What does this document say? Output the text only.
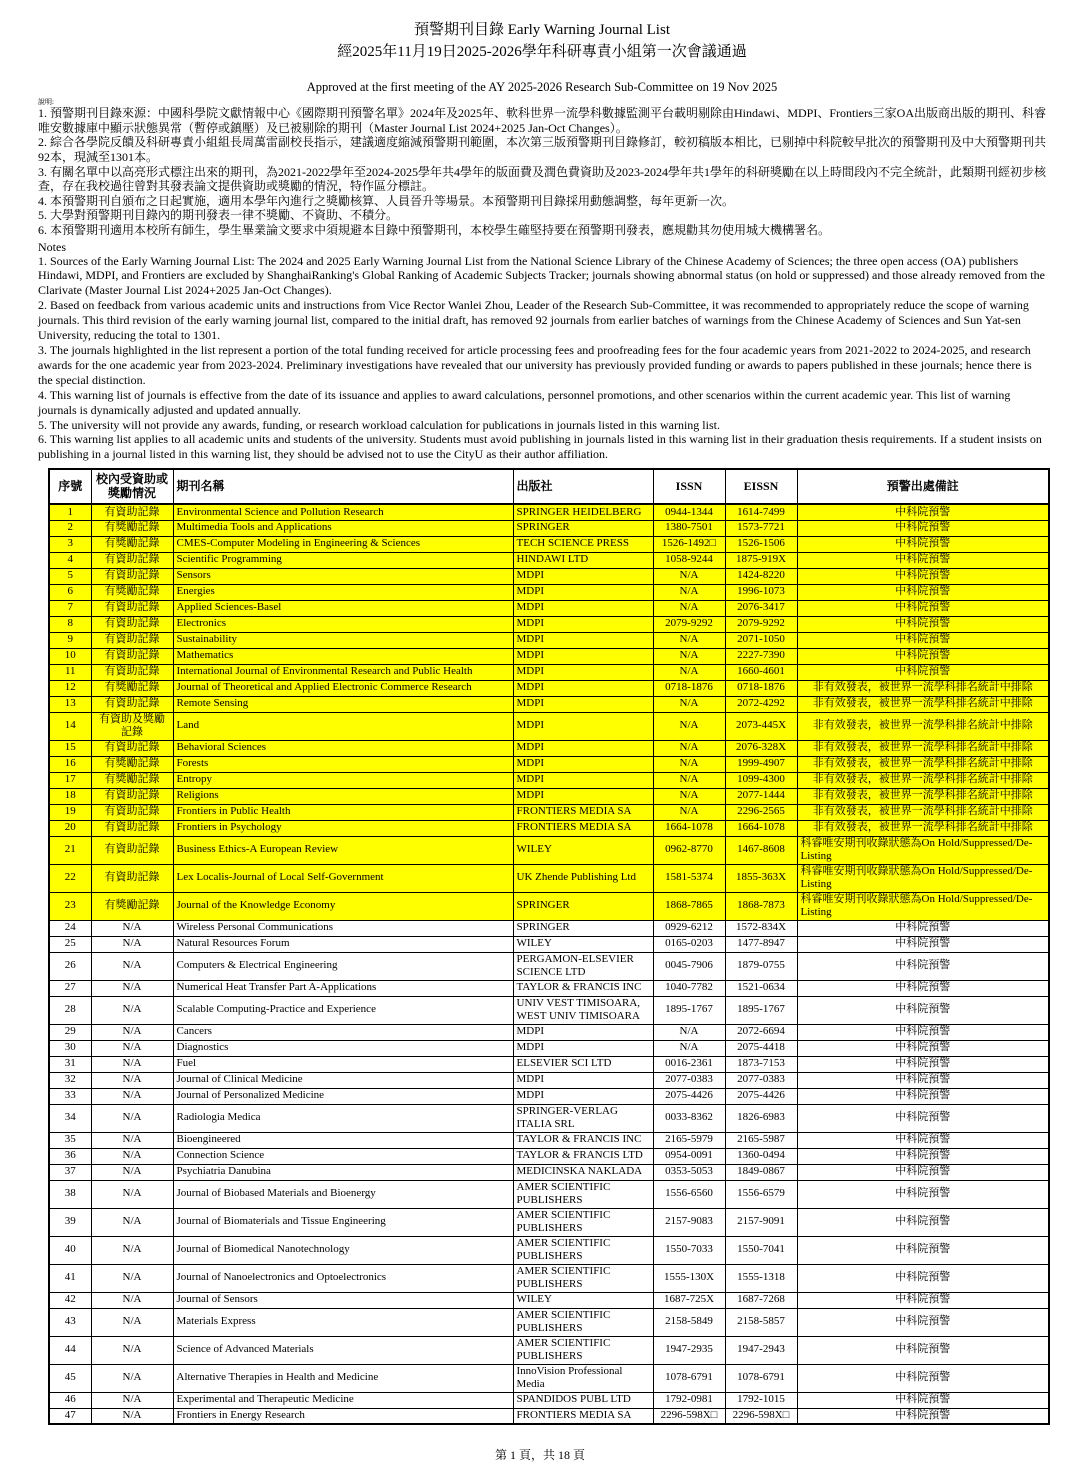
預警期刊目錄 Early Warning Journal List
經2025年11月19日2025-2026學年科研專責小組第一次會議通過
Approved at the first meeting of the AY 2025-2026 Research Sub-Committee on 19 Nov 2025
說明:
1. 預警期刊目錄來源：中國科學院文獻情報中心《國際期刊預警名單》2024年及2025年、軟科世界一流學科數據監測平台載明剔除由Hindawi、MDPI、Frontiers三家OA出版商出版的期刊、科睿唯安數據庫中顯示狀態異常（暫停或鎮壓）及已被剔除的期刊（Master Journal List 2024+2025 Jan-Oct Changes）。
2. 綜合各學院反饋及科研專責小組組長周萬雷副校長指示，建議適度縮減預警期刊範圍，本次第三版預警期刊目錄修訂，較初稿版本相比，已剔掉中科院較早批次的預警期刊及中大預警期刊共92本，現減至1301本。
3. 有關名單中以高亮形式標注出來的期刊，為2021-2022學年至2024-2025學年共4學年的版面費及潤色費資助及2023-2024學年共1學年的科研獎勵在以上時間段內不完全統計，此類期刊經初步核查，存在我校過往曾對其發表論文提供資助或獎勵的情況，特作區分標註。
4. 本預警期刊自頒布之日起實施，適用本學年內進行之獎勵核算、人員晉升等場景。本預警期刊目錄採用動態調整，每年更新一次。
5. 大學對預警期刊目錄內的期刊發表一律不獎勵、不資助、不積分。
6. 本預警期刊適用本校所有師生，學生畢業論文要求中須規避本目錄中預警期刊，本校學生確堅持要在預警期刊發表，應規勸其勿使用城大機構署名。
Notes
1. Sources of the Early Warning Journal List: The 2024 and 2025 Early Warning Journal List from the National Science Library of the Chinese Academy of Sciences; the three open access (OA) publishers Hindawi, MDPI, and Frontiers are excluded by ShanghaiRanking's Global Ranking of Academic Subjects Tracker; journals showing abnormal status (on hold or suppressed) and those already removed from the Clarivate (Master Journal List 2024+2025 Jan-Oct Changes).
2. Based on feedback from various academic units and instructions from Vice Rector Wanlei Zhou, Leader of the Research Sub-Committee, it was recommended to appropriately reduce the scope of warning journals. This third revision of the early warning journal list, compared to the initial draft, has removed 92 journals from earlier batches of warnings from the Chinese Academy of Sciences and Sun Yat-sen University, reducing the total to 1301.
3. The journals highlighted in the list represent a portion of the total funding received for article processing fees and proofreading fees for the four academic years from 2021-2022 to 2024-2025, and research awards for the one academic year from 2023-2024. Preliminary investigations have revealed that our university has previously provided funding or awards to papers published in these journals; hence there is the special distinction.
4. This warning list of journals is effective from the date of its issuance and applies to award calculations, personnel promotions, and other scenarios within the current academic year. This list of warning journals is dynamically adjusted and updated annually.
5. The university will not provide any awards, funding, or research workload calculation for publications in journals listed in this warning list.
6. This warning list applies to all academic units and students of the university. Students must avoid publishing in journals listed in this warning list in their graduation thesis requirements. If a student insists on publishing in a journal listed in this warning list, they should be advised not to use the CityU as their author affiliation.
序號	校內受資助或獎勵情況	期刊名稱	出版社	ISSN	EISSN	預警出處備註
1	有資助記錄	Environmental Science and Pollution Research	SPRINGER HEIDELBERG	0944-1344	1614-7499	中科院預警
2	有獎勵記錄	Multimedia Tools and Applications	SPRINGER	1380-7501	1573-7721	中科院預警
3	有獎勵記錄	CMES-Computer Modeling in Engineering & Sciences	TECH SCIENCE PRESS	1526-1492□	1526-1506	中科院預警
4	有資助記錄	Scientific Programming	HINDAWI LTD	1058-9244	1875-919X	中科院預警
5	有資助記錄	Sensors	MDPI	N/A	1424-8220	中科院預警
6	有獎勵記錄	Energies	MDPI	N/A	1996-1073	中科院預警
7	有資助記錄	Applied Sciences-Basel	MDPI	N/A	2076-3417	中科院預警
8	有資助記錄	Electronics	MDPI	2079-9292	2079-9292	中科院預警
9	有資助記錄	Sustainability	MDPI	N/A	2071-1050	中科院預警
10	有資助記錄	Mathematics	MDPI	N/A	2227-7390	中科院預警
11	有資助記錄	International Journal of Environmental Research and Public Health	MDPI	N/A	1660-4601	中科院預警
12	有獎勵記錄	Journal of Theoretical and Applied Electronic Commerce Research	MDPI	0718-1876	0718-1876	非有效發表，被世界一流學科排名統計中排除
13	有資助記錄	Remote Sensing	MDPI	N/A	2072-4292	非有效發表，被世界一流學科排名統計中排除
14	有資助及獎勵記錄	Land	MDPI	N/A	2073-445X	非有效發表，被世界一流學科排名統計中排除
15	有資助記錄	Behavioral Sciences	MDPI	N/A	2076-328X	非有效發表，被世界一流學科排名統計中排除
16	有獎勵記錄	Forests	MDPI	N/A	1999-4907	非有效發表，被世界一流學科排名統計中排除
17	有獎勵記錄	Entropy	MDPI	N/A	1099-4300	非有效發表，被世界一流學科排名統計中排除
18	有資助記錄	Religions	MDPI	N/A	2077-1444	非有效發表，被世界一流學科排名統計中排除
19	有資助記錄	Frontiers in Public Health	FRONTIERS MEDIA SA	N/A	2296-2565	非有效發表，被世界一流學科排名統計中排除
20	有資助記錄	Frontiers in Psychology	FRONTIERS MEDIA SA	1664-1078	1664-1078	非有效發表，被世界一流學科排名統計中排除
21	有資助記錄	Business Ethics-A European Review	WILEY	0962-8770	1467-8608	科睿唯安期刊收錄狀態為On Hold/Suppressed/De-Listing
22	有資助記錄	Lex Localis-Journal of Local Self-Government	UK Zhende Publishing Ltd	1581-5374	1855-363X	科睿唯安期刊收錄狀態為On Hold/Suppressed/De-Listing
23	有獎勵記錄	Journal of the Knowledge Economy	SPRINGER	1868-7865	1868-7873	科睿唯安期刊收錄狀態為On Hold/Suppressed/De-Listing
24	N/A	Wireless Personal Communications	SPRINGER	0929-6212	1572-834X	中科院預警
25	N/A	Natural Resources Forum	WILEY	0165-0203	1477-8947	中科院預警
26	N/A	Computers & Electrical Engineering	PERGAMON-ELSEVIER SCIENCE LTD	0045-7906	1879-0755	中科院預警
27	N/A	Numerical Heat Transfer Part A-Applications	TAYLOR & FRANCIS INC	1040-7782	1521-0634	中科院預警
28	N/A	Scalable Computing-Practice and Experience	UNIV VEST TIMISOARA, WEST UNIV TIMISOARA	1895-1767	1895-1767	中科院預警
29	N/A	Cancers	MDPI	N/A	2072-6694	中科院預警
30	N/A	Diagnostics	MDPI	N/A	2075-4418	中科院預警
31	N/A	Fuel	ELSEVIER SCI LTD	0016-2361	1873-7153	中科院預警
32	N/A	Journal of Clinical Medicine	MDPI	2077-0383	2077-0383	中科院預警
33	N/A	Journal of Personalized Medicine	MDPI	2075-4426	2075-4426	中科院預警
34	N/A	Radiologia Medica	SPRINGER-VERLAG ITALIA SRL	0033-8362	1826-6983	中科院預警
35	N/A	Bioengineered	TAYLOR & FRANCIS INC	2165-5979	2165-5987	中科院預警
36	N/A	Connection Science	TAYLOR & FRANCIS LTD	0954-0091	1360-0494	中科院預警
37	N/A	Psychiatria Danubina	MEDICINSKA NAKLADA	0353-5053	1849-0867	中科院預警
38	N/A	Journal of Biobased Materials and Bioenergy	AMER SCIENTIFIC PUBLISHERS	1556-6560	1556-6579	中科院預警
39	N/A	Journal of Biomaterials and Tissue Engineering	AMER SCIENTIFIC PUBLISHERS	2157-9083	2157-9091	中科院預警
40	N/A	Journal of Biomedical Nanotechnology	AMER SCIENTIFIC PUBLISHERS	1550-7033	1550-7041	中科院預警
41	N/A	Journal of Nanoelectronics and Optoelectronics	AMER SCIENTIFIC PUBLISHERS	1555-130X	1555-1318	中科院預警
42	N/A	Journal of Sensors	WILEY	1687-725X	1687-7268	中科院預警
43	N/A	Materials Express	AMER SCIENTIFIC PUBLISHERS	2158-5849	2158-5857	中科院預警
44	N/A	Science of Advanced Materials	AMER SCIENTIFIC PUBLISHERS	1947-2935	1947-2943	中科院預警
45	N/A	Alternative Therapies in Health and Medicine	InnoVision Professional Media	1078-6791	1078-6791	中科院預警
46	N/A	Experimental and Therapeutic Medicine	SPANDIDOS PUBL LTD	1792-0981	1792-1015	中科院預警
47	N/A	Frontiers in Energy Research	FRONTIERS MEDIA SA	2296-598X□	2296-598X□	中科院預警
第 1 頁，共 18 頁
